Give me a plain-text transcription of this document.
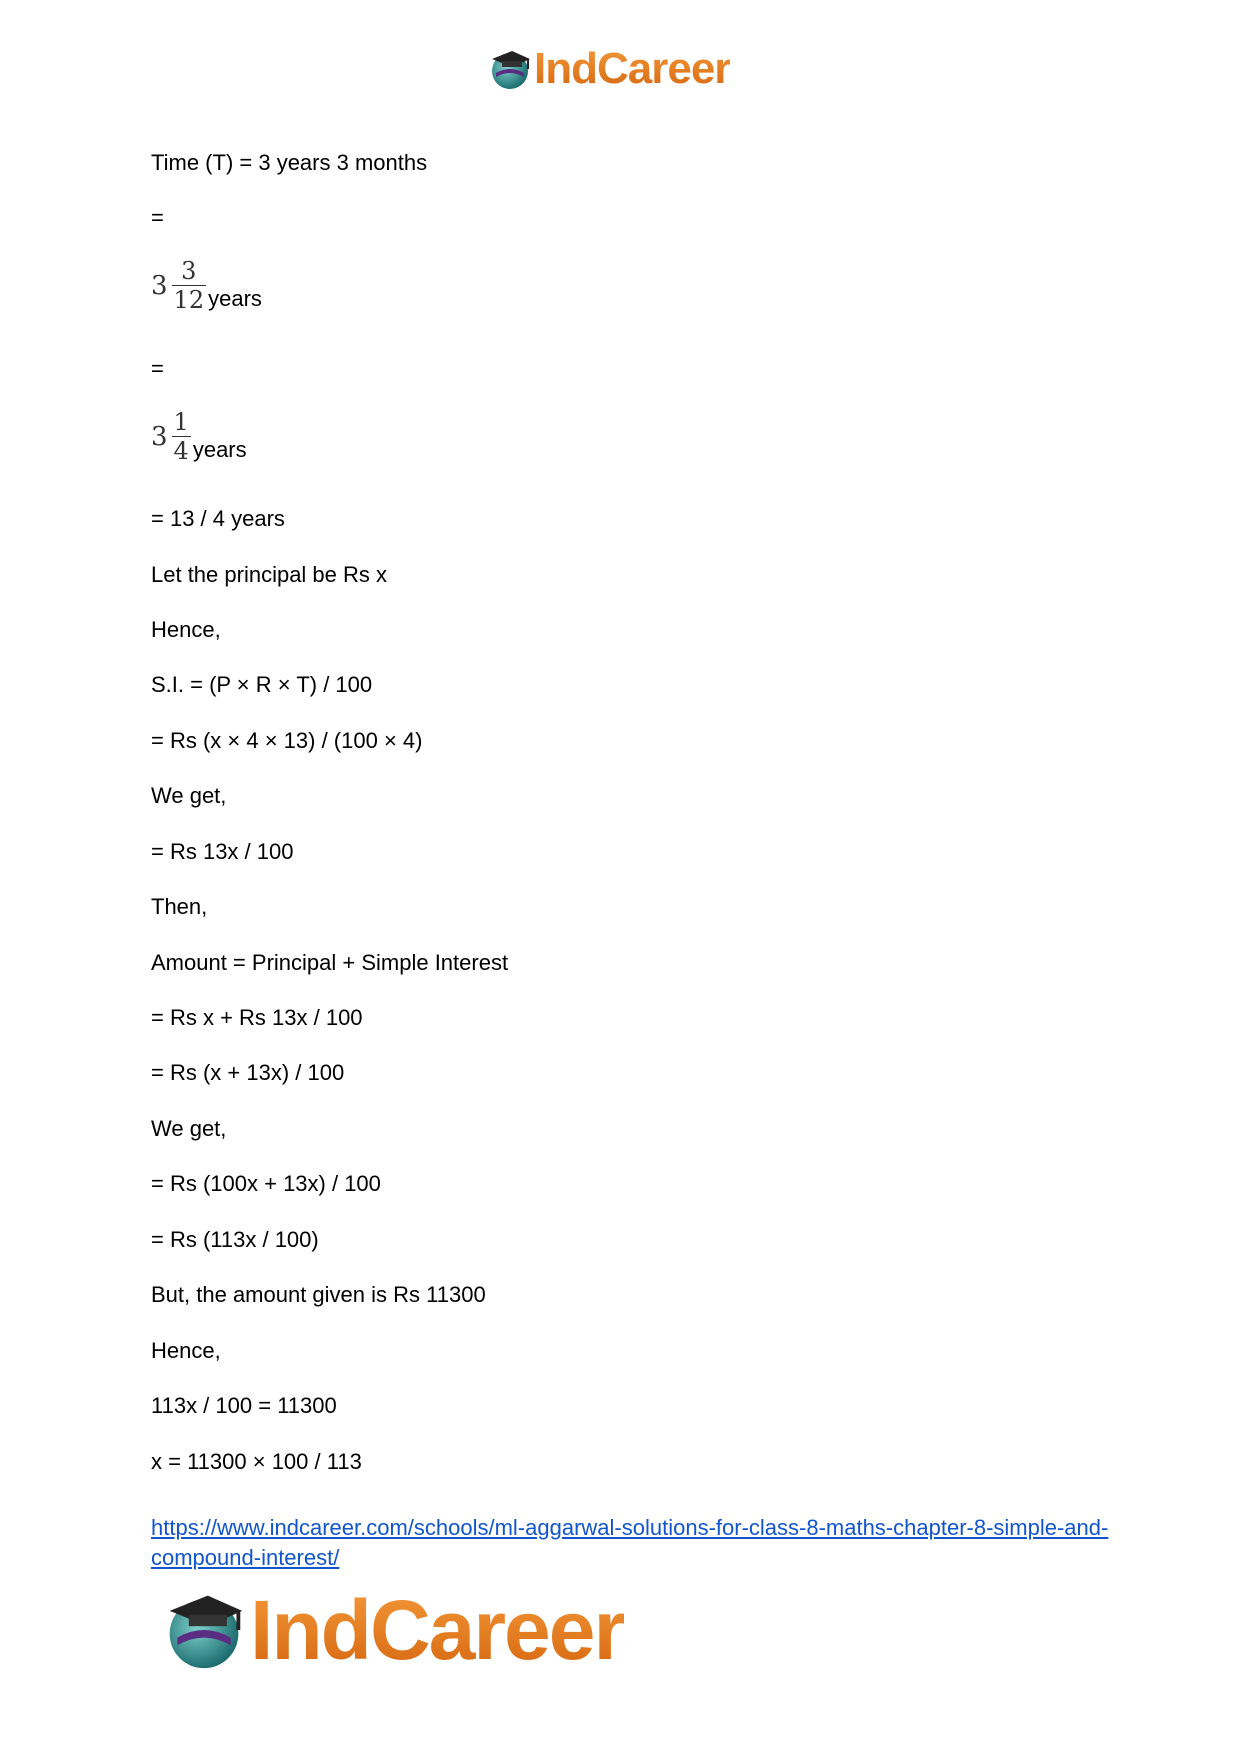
IndCareer
Time (T) = 3 years 3 months
=
$3 \frac{3}{12}$ years
=
$3 \frac{1}{4}$ years
= 13 / 4 years
Let the principal be Rs x
Hence,
S.I. = (P × R × T) / 100
= Rs (x × 4 × 13) / (100 × 4)
We get,
= Rs 13x / 100
Then,
Amount = Principal + Simple Interest
= Rs x + Rs 13x / 100
= Rs (x + 13x) / 100
We get,
= Rs (100x + 13x) / 100
= Rs (113x / 100)
But, the amount given is Rs 11300
Hence,
113x / 100 = 11300
x = 11300 × 100 / 113
https://www.indcareer.com/schools/ml-aggarwal-solutions-for-class-8-maths-chapter-8-simple-and-compound-interest/
IndCareer
